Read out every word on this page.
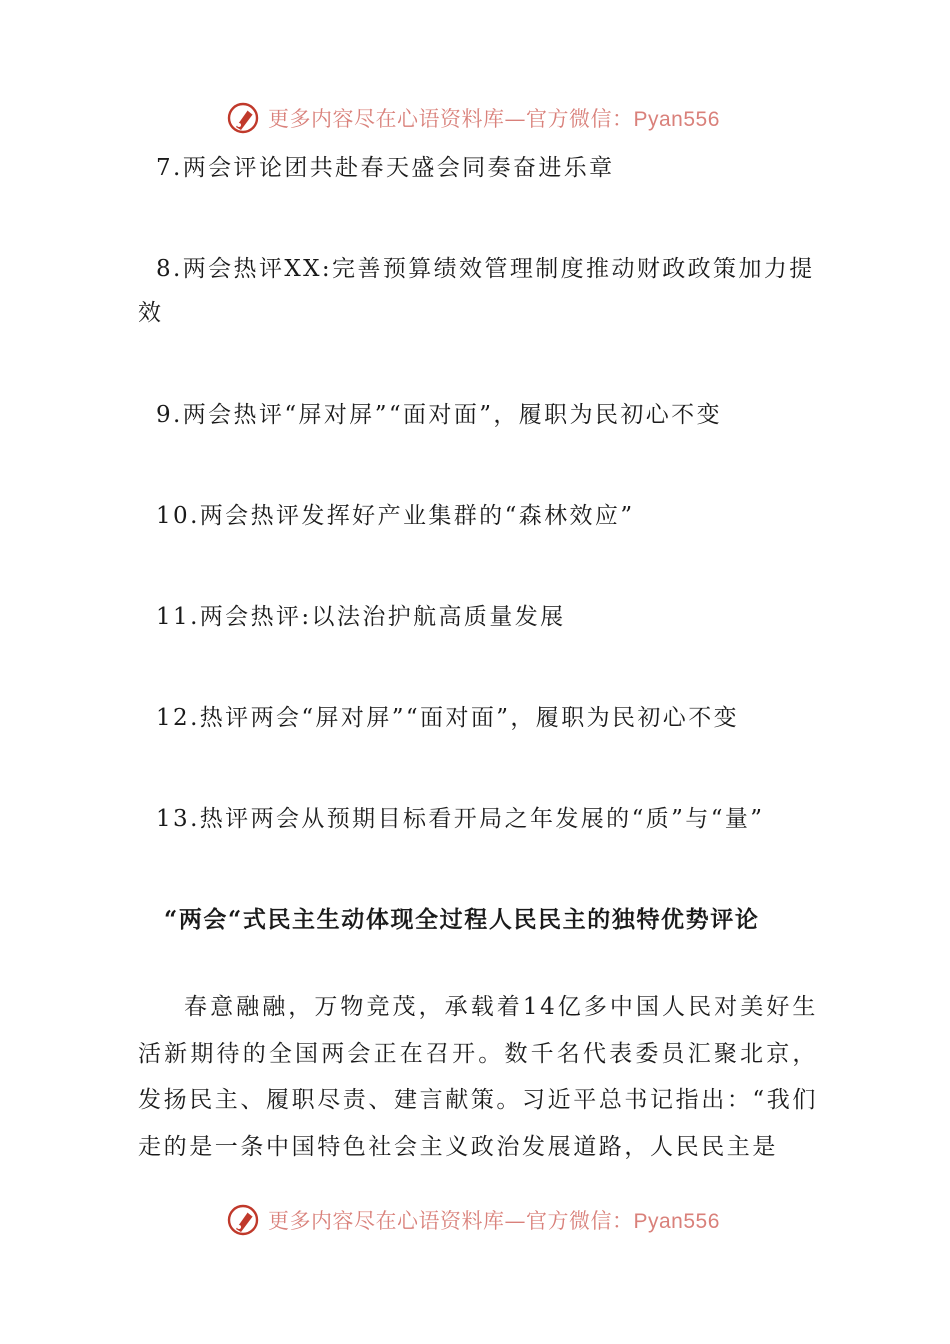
更多内容尽在心语资料库—官方微信：Pyan556
7.两会评论团共赴春天盛会同奏奋进乐章
8.两会热评XX:完善预算绩效管理制度推动财政政策加力提效
9.两会热评“屏对屏”“面对面”，履职为民初心不变
10.两会热评发挥好产业集群的“森林效应”
11.两会热评:以法治护航高质量发展
12.热评两会“屏对屏”“面对面”，履职为民初心不变
13.热评两会从预期目标看开局之年发展的“质”与“量”
“两会“式民主生动体现全过程人民民主的独特优势评论
春意融融，万物竞茂，承载着14亿多中国人民对美好生活新期待的全国两会正在召开。数千名代表委员汇聚北京，发扬民主、履职尽责、建言献策。习近平总书记指出：“我们走的是一条中国特色社会主义政治发展道路，人民民主是
更多内容尽在心语资料库—官方微信：Pyan556
